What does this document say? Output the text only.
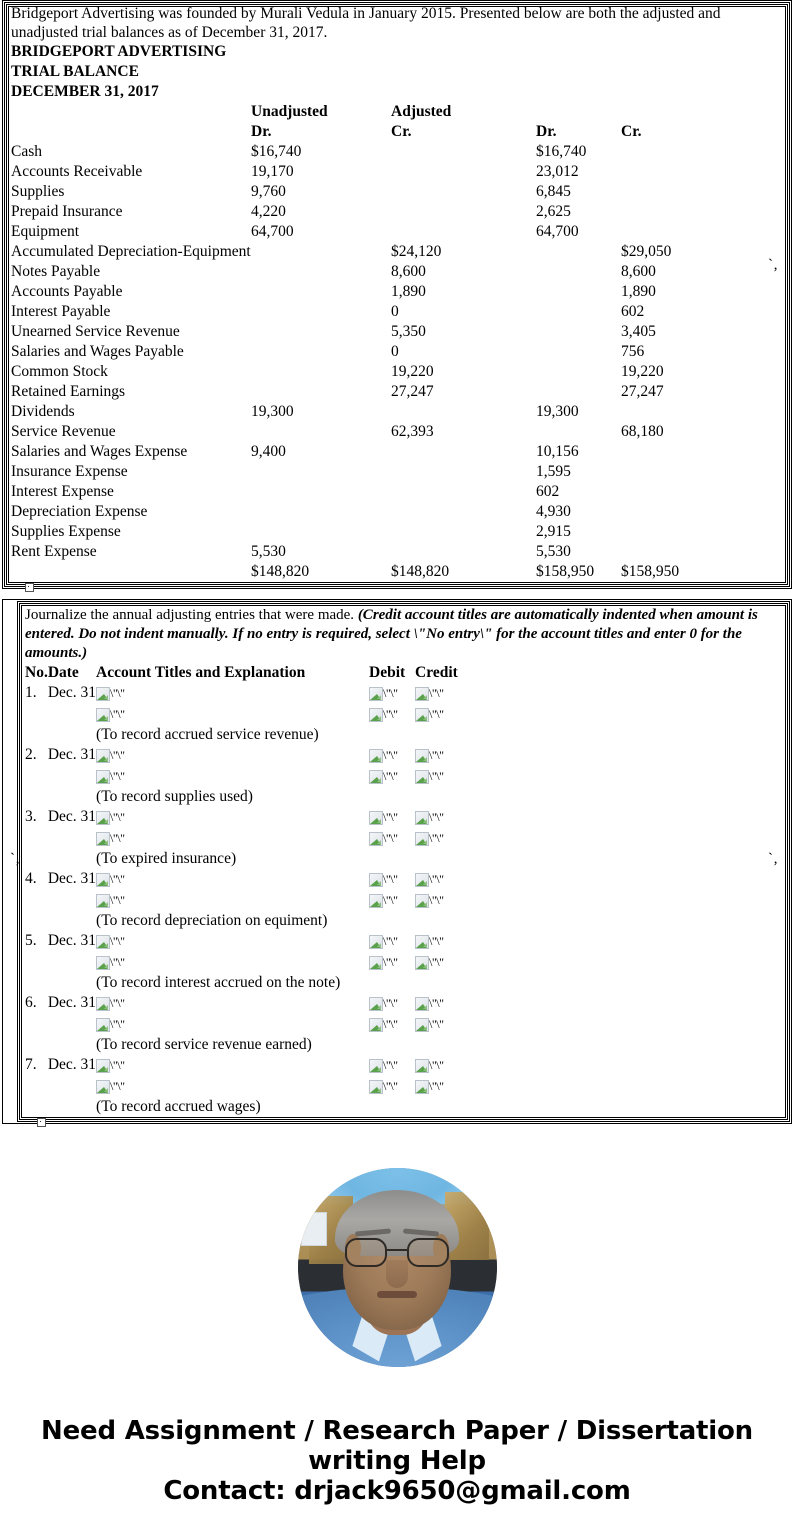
Bridgeport Advertising was founded by Murali Vedula in January 2015. Presented below are both the adjusted and unadjusted trial balances as of December 31, 2017.
BRIDGEPORT ADVERTISING
TRIAL BALANCE
DECEMBER 31, 2017
	Unadjusted	Adjusted		
	Dr.	Cr.	Dr.	Cr.
Cash	$16,740		$16,740	
Accounts Receivable	19,170		23,012	
Supplies	9,760		6,845	
Prepaid Insurance	4,220		2,625	
Equipment	64,700		64,700	
Accumulated Depreciation-Equipment		$24,120		$29,050
Notes Payable		8,600		8,600
Accounts Payable		1,890		1,890
Interest Payable		0		602
Unearned Service Revenue		5,350		3,405
Salaries and Wages Payable		0		756
Common Stock		19,220		19,220
Retained Earnings		27,247		27,247
Dividends	19,300		19,300	
Service Revenue		62,393		68,180
Salaries and Wages Expense	9,400		10,156	
Insurance Expense			1,595	
Interest Expense			602	
Depreciation Expense			4,930	
Supplies Expense			2,915	
Rent Expense	5,530		5,530	
	$148,820	$148,820	$158,950	$158,950
Journalize the annual adjusting entries that were made. (Credit account titles are automatically indented when amount is entered. Do not indent manually. If no entry is required, select \"No entry\" for the account titles and enter 0 for the amounts.)
No.	Date	Account Titles and Explanation	Debit	Credit
1.	Dec. 31	\"\"	\"\"	\"\"
		\"\"	\"\"	\"\"
		(To record accrued service revenue)		
2.	Dec. 31	\"\"	\"\"	\"\"
		\"\"	\"\"	\"\"
		(To record supplies used)		
3.	Dec. 31	\"\"	\"\"	\"\"
		\"\"	\"\"	\"\"
		(To expired insurance)		
4.	Dec. 31	\"\"	\"\"	\"\"
		\"\"	\"\"	\"\"
		(To record depreciation on equiment)		
5.	Dec. 31	\"\"	\"\"	\"\"
		\"\"	\"\"	\"\"
		(To record interest accrued on the note)		
6.	Dec. 31	\"\"	\"\"	\"\"
		\"\"	\"\"	\"\"
		(To record service revenue earned)		
7.	Dec. 31	\"\"	\"\"	\"\"
		\"\"	\"\"	\"\"
		(To record accrued wages)		
`‚
`‚	`‚
Need Assignment / Research Paper / Dissertation
writing Help
Contact: drjack9650@gmail.com
